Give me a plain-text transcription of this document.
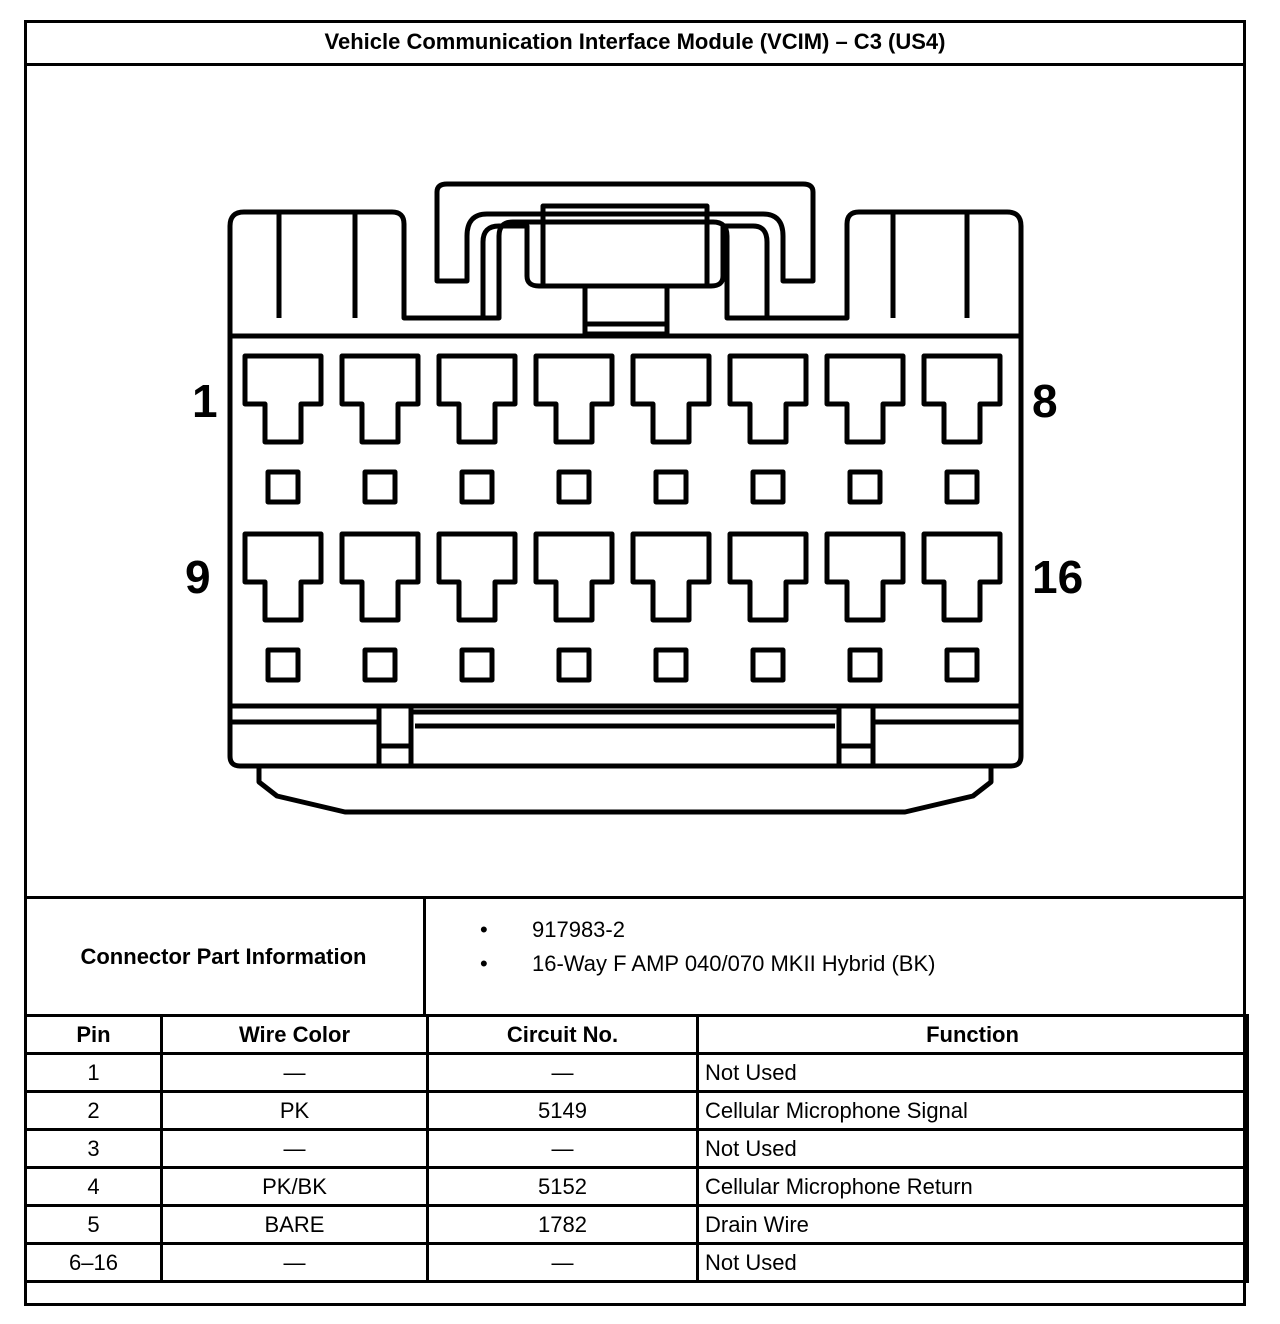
Vehicle Communication Interface Module (VCIM) – C3 (US4)
1	8
9	16
Connector Part Information
• 917983-2
• 16-Way F AMP 040/070 MKII Hybrid (BK)
Pin	Wire Color	Circuit No.	Function
1	—	—	Not Used
2	PK	5149	Cellular Microphone Signal
3	—	—	Not Used
4	PK/BK	5152	Cellular Microphone Return
5	BARE	1782	Drain Wire
6–16	—	—	Not Used
